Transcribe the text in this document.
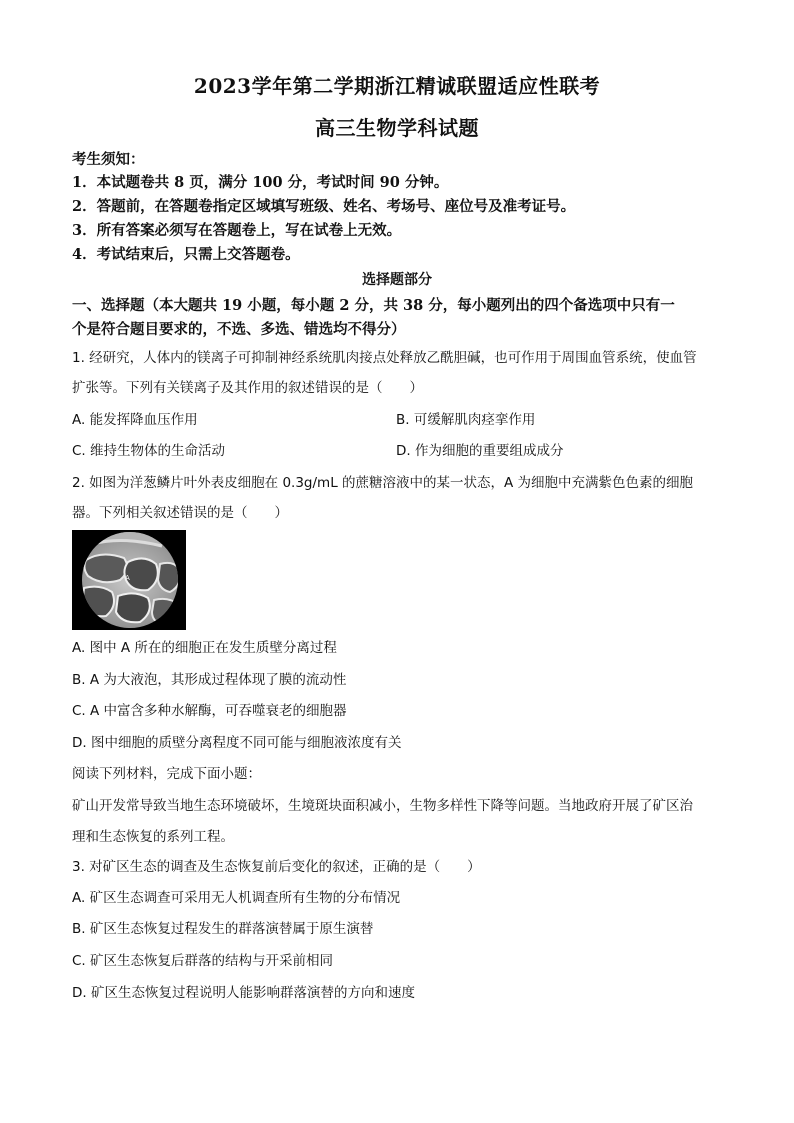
2023学年第二学期浙江精诚联盟适应性联考
高三生物学科试题
考生须知：
1．本试题卷共 8 页，满分 100 分，考试时间 90 分钟。
2．答题前，在答题卷指定区域填写班级、姓名、考场号、座位号及准考证号。
3．所有答案必须写在答题卷上，写在试卷上无效。
4．考试结束后，只需上交答题卷。
选择题部分
一、选择题（本大题共 19 小题，每小题 2 分，共 38 分，每小题列出的四个备选项中只有一
个是符合题目要求的，不选、多选、错选均不得分）
1. 经研究，人体内的镁离子可抑制神经系统肌肉接点处释放乙酰胆碱，也可作用于周围血管系统，使血管
扩张等。下列有关镁离子及其作用的叙述错误的是（　　）
A. 能发挥降血压作用	B. 可缓解肌肉痉挛作用
C. 维持生物体的生命活动	D. 作为细胞的重要组成成分
2. 如图为洋葱鳞片叶外表皮细胞在 0.3g/mL 的蔗糖溶液中的某一状态，A 为细胞中充满紫色色素的细胞
器。下列相关叙述错误的是（　　）
A
A. 图中 A 所在的细胞正在发生质壁分离过程
B. A 为大液泡，其形成过程体现了膜的流动性
C. A 中富含多种水解酶，可吞噬衰老的细胞器
D. 图中细胞的质壁分离程度不同可能与细胞液浓度有关
阅读下列材料，完成下面小题：
矿山开发常导致当地生态环境破坏，生境斑块面积减小，生物多样性下降等问题。当地政府开展了矿区治
理和生态恢复的系列工程。
3. 对矿区生态的调查及生态恢复前后变化的叙述，正确的是（　　）
A. 矿区生态调查可采用无人机调查所有生物的分布情况
B. 矿区生态恢复过程发生的群落演替属于原生演替
C. 矿区生态恢复后群落的结构与开采前相同
D. 矿区生态恢复过程说明人能影响群落演替的方向和速度
